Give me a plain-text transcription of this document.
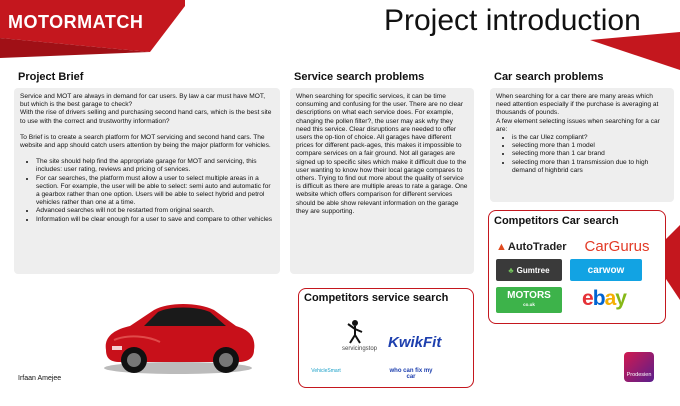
MOTORMATCH	Project introduction
Project Brief

Service and MOT are always in demand for car users. By law a car must have MOT, but which is the best garage to check?

With the rise of drivers selling and purchasing second hand cars, which is the best site to use with the correct and trustworthy information?

To Brief is to create a search platform for MOT servicing and second hand cars. The website and app should catch users attention by being the major platform for vehicles.

• The site should help find the appropriate garage for MOT and servicing, this includes: user rating, reviews and pricing of services.
• For car searches, the platform must allow a user to select multiple areas in a section. For example, the user will be able to select: semi auto and automatic for a gearbox rather than one option. Users will be able to select hybrid and petrol vehicles rather than one at a time.
• Advanced searches will not be restarted from original search.
• Information will be clear enough for a user to save and compare to other vehicles
Irfaan Amejee
Service search problems

When searching for specific services, it can be time consuming and confusing for the user. There are no clear descriptions on what each service does. For example, changing the pollen filter?, the user may ask why they need this service. Clear disruptions are needed to offer users the op-tion of choice. All garages have different prices for different pack-ages, this makes it impossible to compare services on a fair ground. Not all garages are signed up to specific sites which make it difficult due to the user wanting to know how their local garage compares to others. Trying to find out more about the quality of service is difficult as there are multiple areas to rate a garage. One website which offers comparison for different services should be able show relevant information on the garage they are supporting.

Competitors service search
servicingstop KwikFit
VehicleSmart	who can fix my car
Car search problems

When searching for a car there are many areas which need attention especially if the purchase is averaging at thousands of pounds.

A few element selecting issues when searching for a car are:

• is the car Ulez compliant?
• selecting more than 1 model
• selecting more than 1 car brand
• selecting more than 1 transmission due to high demand of highbrid cars
Competitors Car search
▲ AutoTrader	CarGurus
♣ Gumtree	carwow
MOTORS
co.uk e b a y
Prodesien
